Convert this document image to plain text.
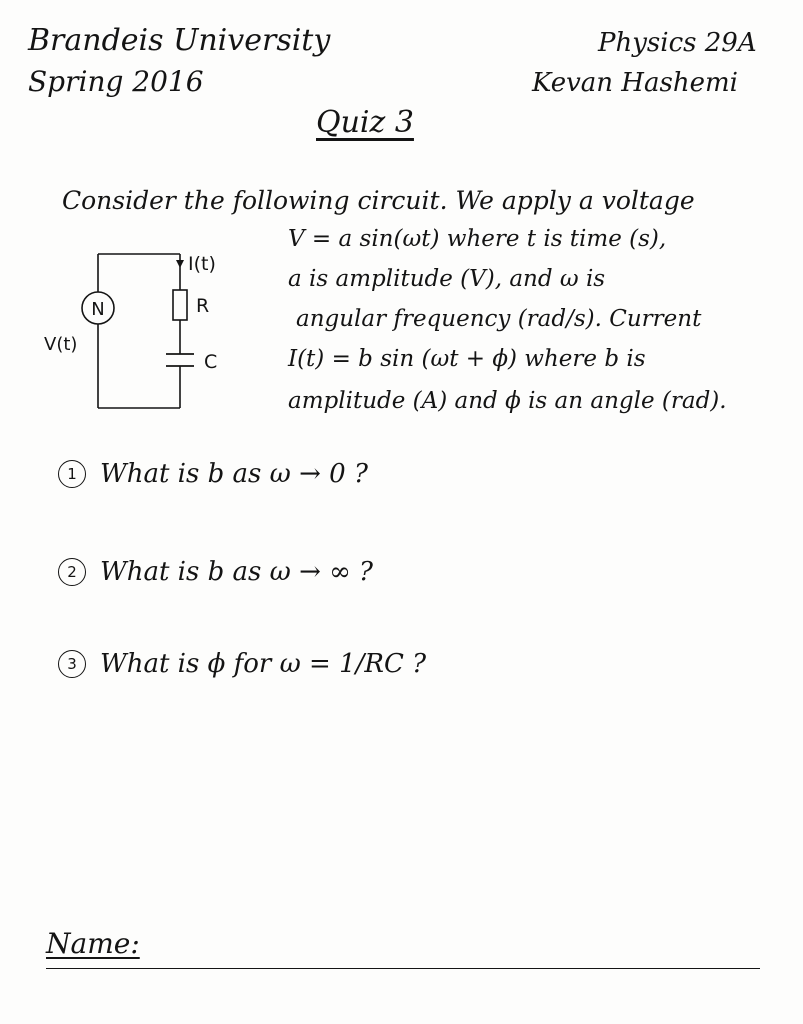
Brandeis University
Spring 2016
Physics 29A
Kevan Hashemi
Quiz 3
Consider the following circuit. We apply a voltage
V = a sin(ωt) where t is time (s),
a is amplitude (V), and ω is
angular frequency (rad/s). Current
I(t) = b sin (ωt + ϕ) where b is
amplitude (A) and ϕ is an angle (rad).
N
I(t)
R
C
V(t)
1 What is b as ω → 0 ?
2 What is b as ω → ∞ ?
3 What is ϕ for ω = 1/RC ?
Name:
